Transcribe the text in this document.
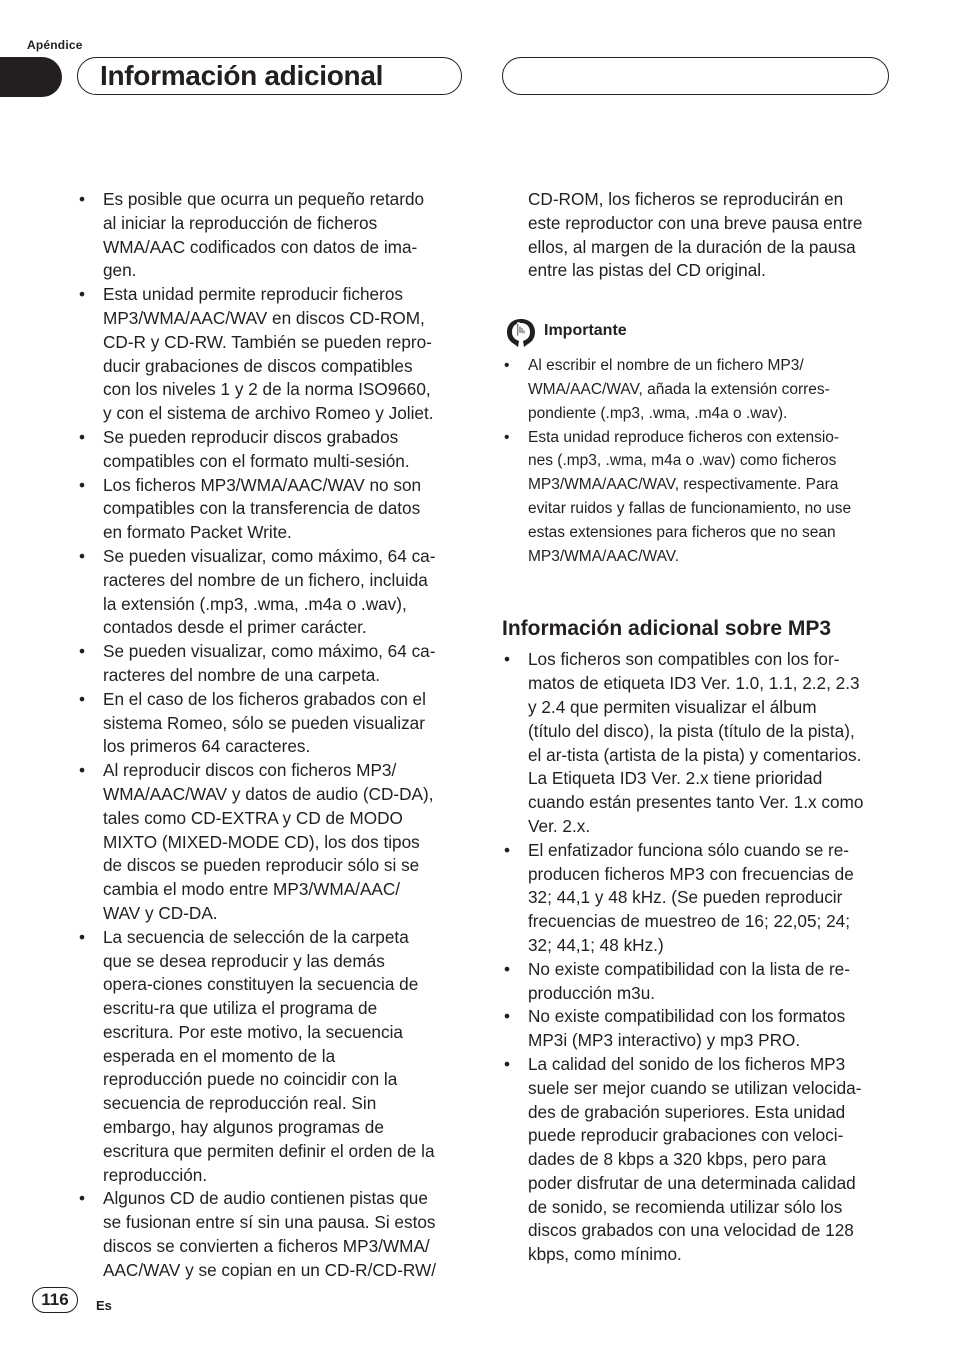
Apéndice
Información adicional
• Es posible que ocurra un pequeño retardo al iniciar la reproducción de ficheros WMA/AAC codificados con datos de ima-gen.
• Esta unidad permite reproducir ficheros MP3/WMA/AAC/WAV en discos CD-ROM, CD-R y CD-RW. También se pueden repro-ducir grabaciones de discos compatibles con los niveles 1 y 2 de la norma ISO9660, y con el sistema de archivo Romeo y Joliet.
• Se pueden reproducir discos grabados compatibles con el formato multi-sesión.
• Los ficheros MP3/WMA/AAC/WAV no son compatibles con la transferencia de datos en formato Packet Write.
• Se pueden visualizar, como máximo, 64 ca-racteres del nombre de un fichero, incluida la extensión (.mp3, .wma, .m4a o .wav), contados desde el primer carácter.
• Se pueden visualizar, como máximo, 64 ca-racteres del nombre de una carpeta.
• En el caso de los ficheros grabados con el sistema Romeo, sólo se pueden visualizar los primeros 64 caracteres.
• Al reproducir discos con ficheros MP3/ WMA/AAC/WAV y datos de audio (CD-DA), tales como CD-EXTRA y CD de MODO MIXTO (MIXED-MODE CD), los dos tipos de discos se pueden reproducir sólo si se cambia el modo entre MP3/WMA/AAC/ WAV y CD-DA.
• La secuencia de selección de la carpeta que se desea reproducir y las demás opera-ciones constituyen la secuencia de escritu-ra que utiliza el programa de escritura. Por este motivo, la secuencia esperada en el momento de la reproducción puede no coincidir con la secuencia de reproducción real. Sin embargo, hay algunos programas de escritura que permiten definir el orden de la reproducción.
• Algunos CD de audio contienen pistas que se fusionan entre sí sin una pausa. Si estos discos se convierten a ficheros MP3/WMA/ AAC/WAV y se copian en un CD-R/CD-RW/
CD-ROM, los ficheros se reproducirán en este reproductor con una breve pausa entre ellos, al margen de la duración de la pausa entre las pistas del CD original.
Importante
• Al escribir el nombre de un fichero MP3/ WMA/AAC/WAV, añada la extensión corres-pondiente (.mp3, .wma, .m4a o .wav).
• Esta unidad reproduce ficheros con extensio-nes (.mp3, .wma, m4a o .wav) como ficheros MP3/WMA/AAC/WAV, respectivamente. Para evitar ruidos y fallas de funcionamiento, no use estas extensiones para ficheros que no sean MP3/WMA/AAC/WAV.
Información adicional sobre MP3
• Los ficheros son compatibles con los for-matos de etiqueta ID3 Ver. 1.0, 1.1, 2.2, 2.3 y 2.4 que permiten visualizar el álbum (título del disco), la pista (título de la pista), el ar-tista (artista de la pista) y comentarios. La Etiqueta ID3 Ver. 2.x tiene prioridad cuando están presentes tanto Ver. 1.x como Ver. 2.x.
• El enfatizador funciona sólo cuando se re-producen ficheros MP3 con frecuencias de 32; 44,1 y 48 kHz. (Se pueden reproducir frecuencias de muestreo de 16; 22,05; 24; 32; 44,1; 48 kHz.)
• No existe compatibilidad con la lista de re-producción m3u.
• No existe compatibilidad con los formatos MP3i (MP3 interactivo) y mp3 PRO.
• La calidad del sonido de los ficheros MP3 suele ser mejor cuando se utilizan velocida-des de grabación superiores. Esta unidad puede reproducir grabaciones con veloci-dades de 8 kbps a 320 kbps, pero para poder disfrutar de una determinada calidad de sonido, se recomienda utilizar sólo los discos grabados con una velocidad de 128 kbps, como mínimo.
116	Es
